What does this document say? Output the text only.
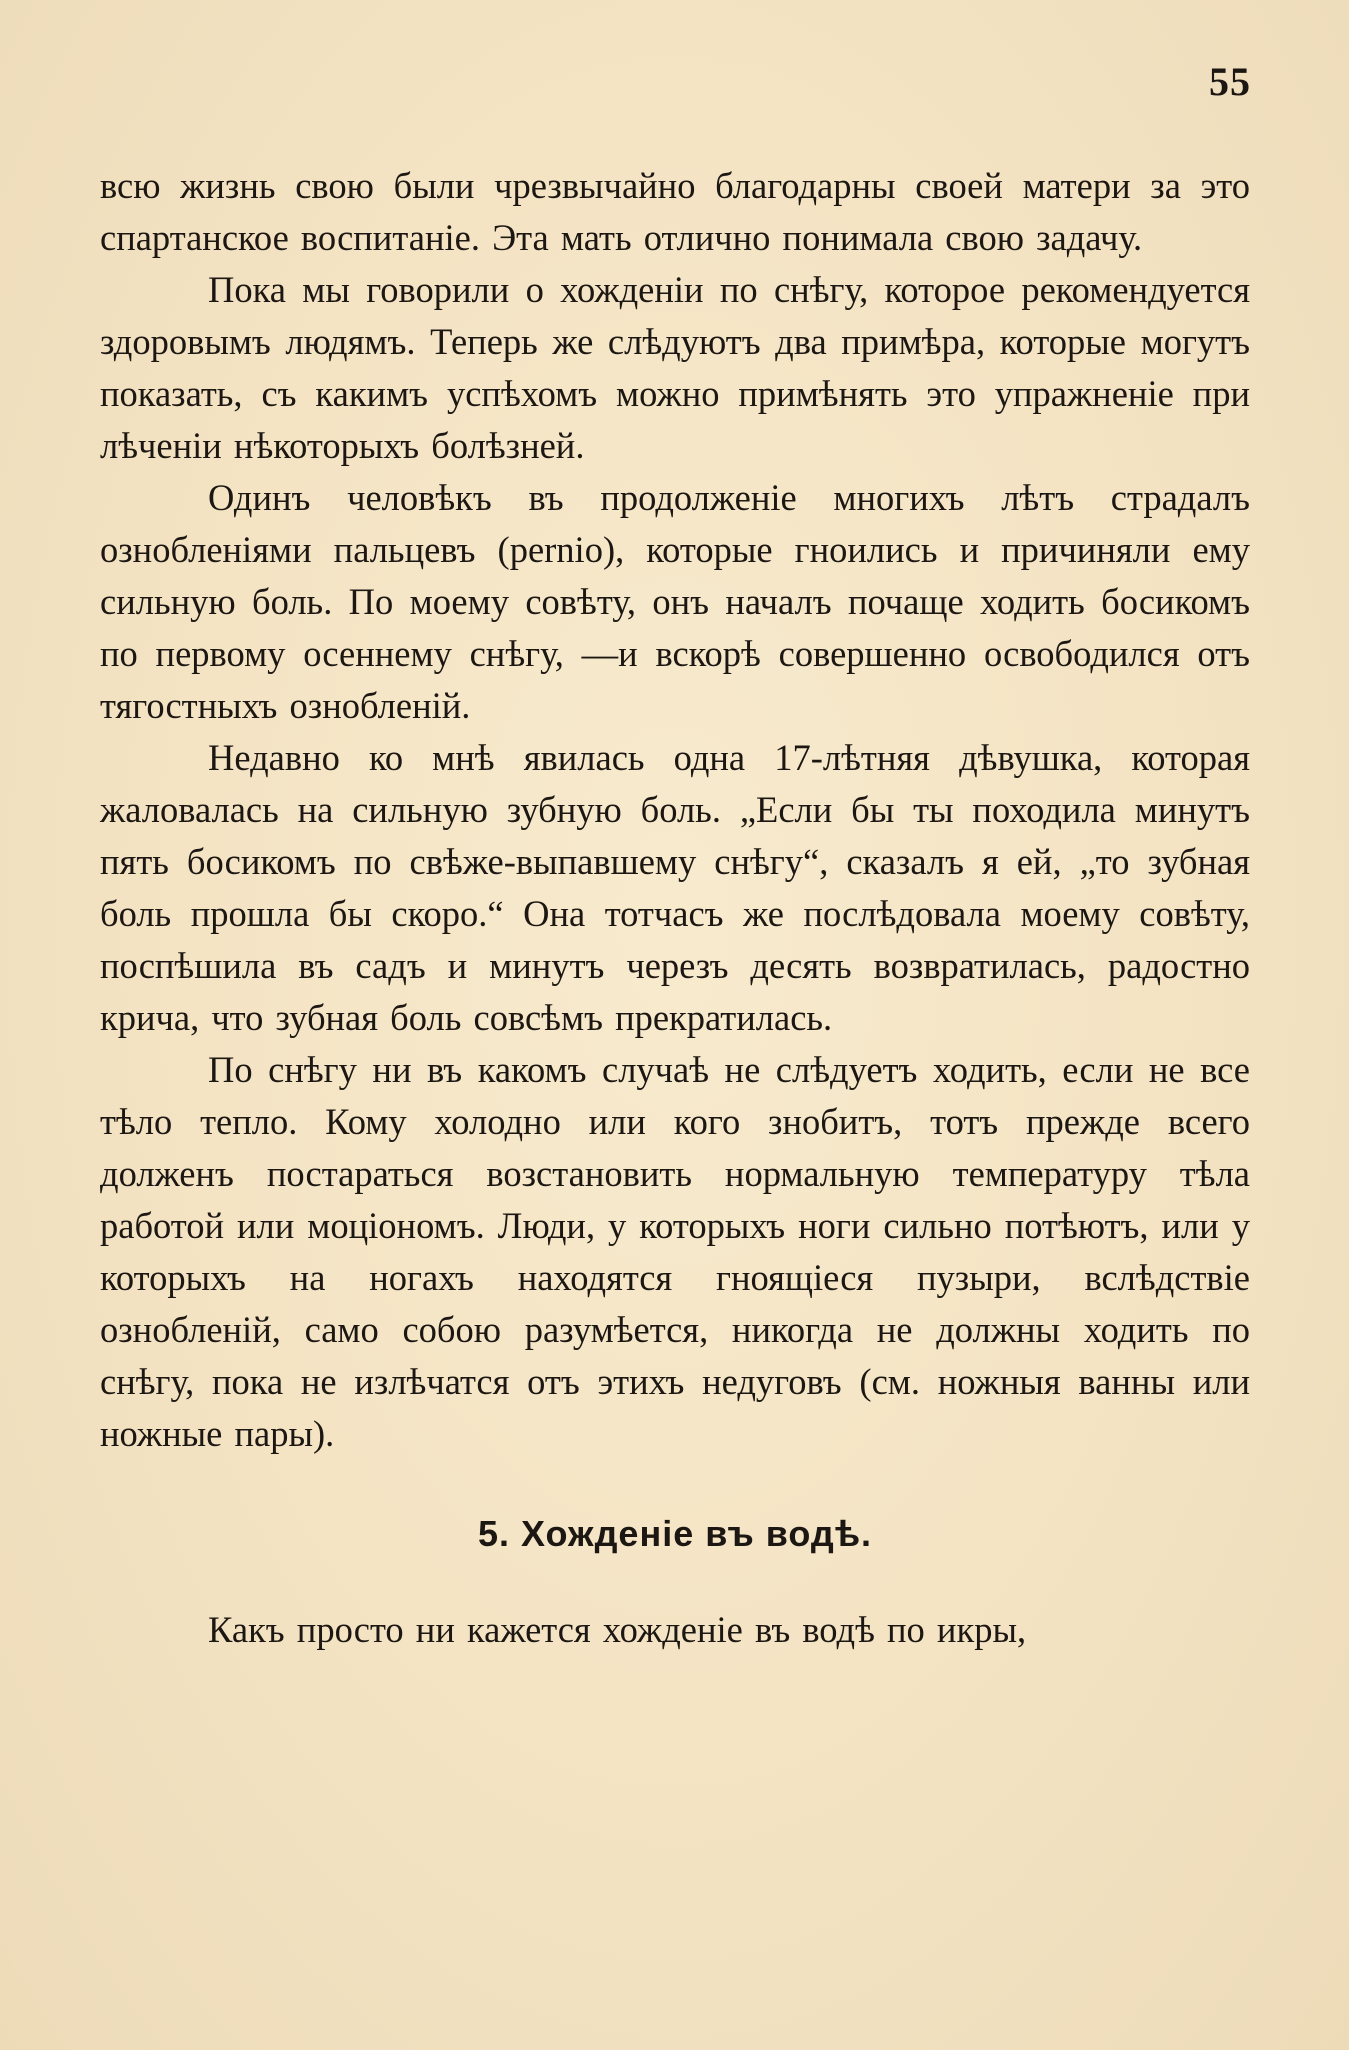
55

всю жизнь свою были чрезвычайно благодарны своей матери за это спартанское воспитаніе. Эта мать отлично понимала свою задачу.

Пока мы говорили о хожденіи по снѣгу, которое рекомендуется здоровымъ людямъ. Теперь же слѣдуютъ два примѣра, которые могутъ показать, съ какимъ успѣхомъ можно примѣнять это упражненіе при лѣченіи нѣкоторыхъ болѣзней.

Одинъ человѣкъ въ продолженіе многихъ лѣтъ страдалъ ознобленіями пальцевъ (pernio), которые гноились и причиняли ему сильную боль. По моему совѣту, онъ началъ почаще ходить босикомъ по первому осеннему снѣгу, —и вскорѣ совершенно освободился отъ тягостныхъ ознобленій.

Недавно ко мнѣ явилась одна 17-лѣтняя дѣвушка, которая жаловалась на сильную зубную боль. „Если бы ты походила минутъ пять босикомъ по свѣже-выпавшему снѣгу“, сказалъ я ей, „то зубная боль прошла бы скоро.“ Она тотчасъ же послѣдовала моему совѣту, поспѣшила въ садъ и минутъ черезъ десять возвратилась, радостно крича, что зубная боль совсѣмъ прекратилась.

По снѣгу ни въ какомъ случаѣ не слѣдуетъ ходить, если не все тѣло тепло. Кому холодно или кого знобитъ, тотъ прежде всего долженъ постараться возстановить нормальную температуру тѣла работой или моціономъ. Люди, у которыхъ ноги сильно потѣютъ, или у которыхъ на ногахъ находятся гноящіеся пузыри, вслѣдствіе ознобленій, само собою разумѣется, никогда не должны ходить по снѣгу, пока не излѣчатся отъ этихъ недуговъ (см. ножныя ванны или ножные пары).

5. Хожденіе въ водѣ.

Какъ просто ни кажется хожденіе въ водѣ по икры,
